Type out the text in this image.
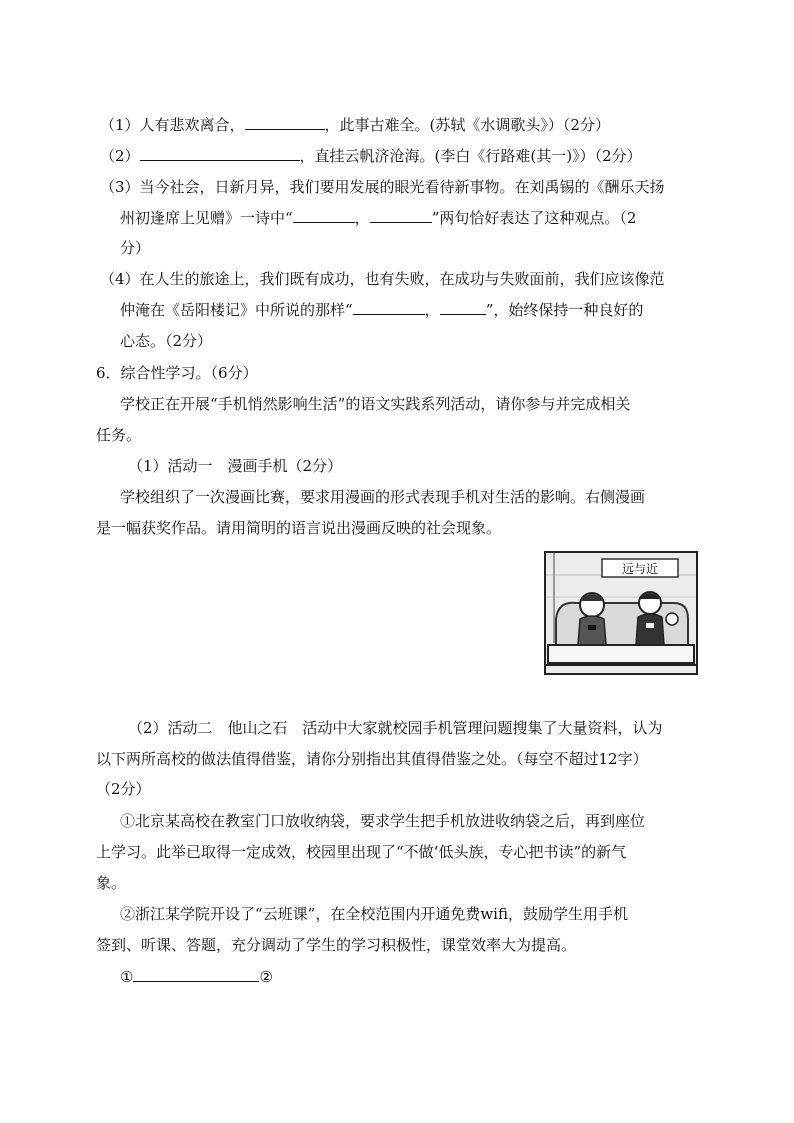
（1）人有悲欢离合，	，此事古难全。(苏轼《水调歌头》）（2分）
（2）	，直挂云帆济沧海。(李白《行路难(其一)》）（2分）
（3）当今社会，日新月异，我们要用发展的眼光看待新事物。在刘禹锡的《酬乐天扬
州初逢席上见赠》一诗中“	，	”两句恰好表达了这种观点。（2
分）
（4）在人生的旅途上，我们既有成功，也有失败，在成功与失败面前，我们应该像范
仲淹在《岳阳楼记》中所说的那样“	，	”，始终保持一种良好的
心态。（2分）
6．综合性学习。（6分）
学校正在开展“手机悄然影响生活”的语文实践系列活动，请你参与并完成相关
任务。
（1）活动一　漫画手机（2分）
学校组织了一次漫画比赛，要求用漫画的形式表现手机对生活的影响。右侧漫画
是一幅获奖作品。请用简明的语言说出漫画反映的社会现象。
远与近
（2）活动二　他山之石　活动中大家就校园手机管理问题搜集了大量资料，认为
以下两所高校的做法值得借鉴，请你分别指出其值得借鉴之处。（每空不超过12字）
（2分）
①北京某高校在教室门口放收纳袋，要求学生把手机放进收纳袋之后，再到座位
上学习。此举已取得一定成效，校园里出现了“不做‘低头族，专心把书读”的新气
象。
②浙江某学院开设了“云班课”，在全校范围内开通免费wifi，鼓励学生用手机
签到、听课、答题，充分调动了学生的学习积极性，课堂效率大为提高。
①	②
